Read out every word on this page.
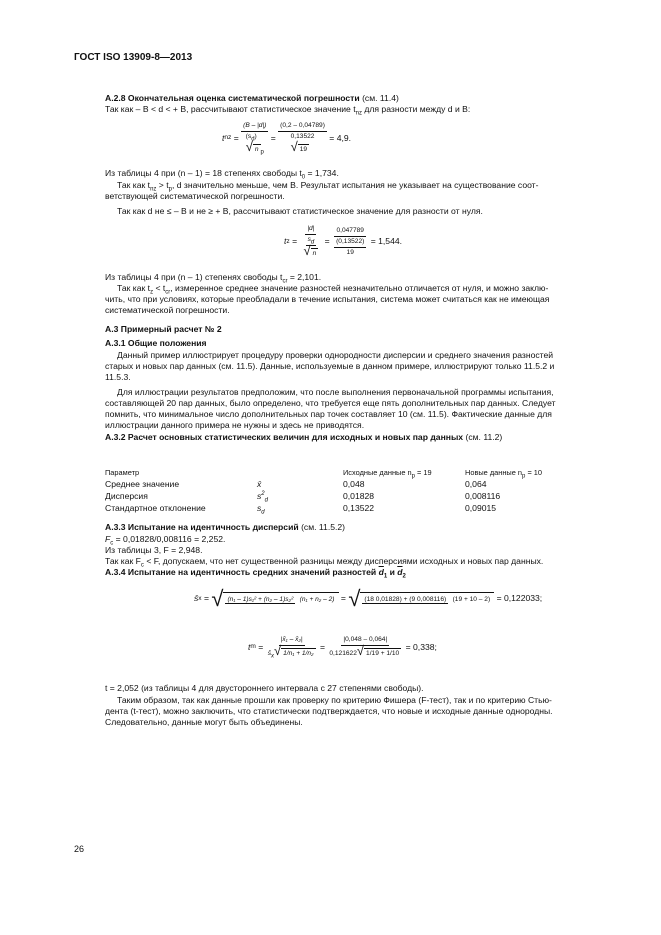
ГОСТ ISO 13909-8—2013

A.2.8 Окончательная оценка систематической погрешности (см. 11.4)

Так как – B < d < + B, рассчитывают статистическое значение $t_{nz}$ для разности между d и B:

t nz =
(B – |d|)
$(s_d)$
√ n $_p$
=
(0,2 – 0,04789)
0,13522
√ 19

= 4,9.

Из таблицы 4 при (n – 1) = 18 степенях свободы $t_0 = 1,734$.

Так как $t_{nz} > t_p$, d значительно меньше, чем B. Результат испытания не указывает на существование соот-

ветствующей систематической погрешности.

Так как d не ≤ – B и не ≥ + B, рассчитывают статистическое значение для разности от нуля.

t $z = \frac{|d|}{\frac{s_d}{√ n}} = \frac{0,047789}{\frac{(0,13522)}{19}}$
= 1,544.

Из таблицы 4 при (n – 1) степенях свободы $t_{cr} = 2,101$.

Так как $t_z < t_{cr}$, измеренное среднее значение разностей незначительно отличается от нуля, и можно заклю-

чить, что при условиях, которые преобладали в течение испытания, система может считаться как не имеющая

систематической погрешности.

A.3 Примерный расчет № 2

A.3.1 Общие положения

Данный пример иллюстрирует процедуру проверки однородности дисперсии и среднего значения разностей

старых и новых пар данных (см. 11.5). Данные, используемые в данном примере, иллюстрируют только 11.5.2 и

11.5.3.

Для иллюстрации результатов предположим, что после выполнения первоначальной программы испытания,

составляющей 20 пар данных, было определено, что требуется еще пять дополнительных пар данных. Следует

помнить, что минимальное число дополнительных пар точек составляет 10 (см. 11.5). Фактические данные для

иллюстрации данного примера не нужны и здесь не приводятся.

A.3.2 Расчет основных статистических величин для исходных и новых пар данных (см. 11.2)

Параметр		Исходные данные $n_р = 19$	Новые данные $n_р = 10$
Среднее значение	x̄	0,048	0,064
Дисперсия	$s^2_d$	0,01828	0,008116
Стандартное отклонение	$s_d$	0,13522	0,09015

A.3.3 Испытание на идентичность дисперсий (см. 11.5.2)

$F_c = 0,01828/0,008116 = 2,252$.

Из таблицы 3, F = 2,948.

Так как $F_c < F$, допускаем, что нет существенной разницы между дисперсиями исходных и новых пар данных.

A.3.4 Испытание на идентичность средних значений разностей $\overline{d}_1$ и $\overline{d}_2$

s̄ x = √ (n₁ – 1)s₁² + (n₂ – 1)s₂² (n₁ + n₂ – 2) = √ (18 0,01828) + (9 0,008116) (19 + 10 – 2)
= 0,122033;
t $m = \frac{\text{|x̄₁ – x̄₂|}}{s̄_x√ 1/n_1 + 1/n_2} = \frac{|0,048 - 0,064|}{0,121622√ 1/19 + 1/10}$
= 0,338;

t = 2,052 (из таблицы 4 для двустороннего интервала с 27 степенями свободы).

Таким образом, так как данные прошли как проверку по критерию Фишера (F-тест), так и по критерию Стью-

дента (t-тест), можно заключить, что статистически подтверждается, что новые и исходные данные однородны.

Следовательно, данные могут быть объединены.

26
